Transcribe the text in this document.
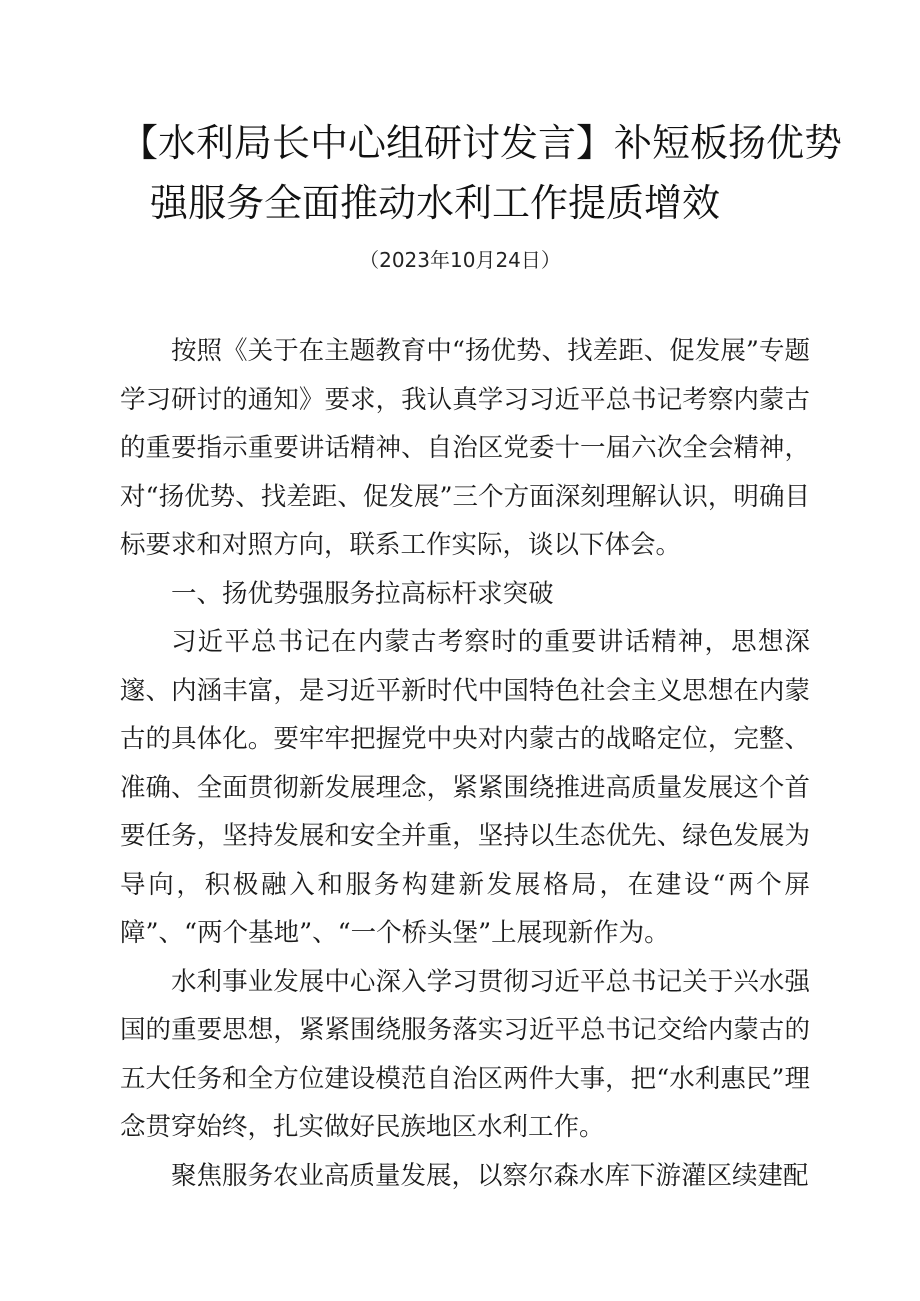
【水利局长中心组研讨发言】补短板扬优势
强服务全面推动水利工作提质增效
（2023年10月24日）

按照《关于在主题教育中“扬优势、找差距、促发展”专题学习研讨的通知》要求，我认真学习习近平总书记考察内蒙古的重要指示重要讲话精神、自治区党委十一届六次全会精神，对“扬优势、找差距、促发展”三个方面深刻理解认识，明确目标要求和对照方向，联系工作实际，谈以下体会。

一、扬优势强服务拉高标杆求突破

习近平总书记在内蒙古考察时的重要讲话精神，思想深邃、内涵丰富，是习近平新时代中国特色社会主义思想在内蒙古的具体化。要牢牢把握党中央对内蒙古的战略定位，完整、准确、全面贯彻新发展理念，紧紧围绕推进高质量发展这个首要任务，坚持发展和安全并重，坚持以生态优先、绿色发展为导向，积极融入和服务构建新发展格局，在建设“两个屏障”、“两个基地”、“一个桥头堡”上展现新作为。

水利事业发展中心深入学习贯彻习近平总书记关于兴水强国的重要思想，紧紧围绕服务落实习近平总书记交给内蒙古的五大任务和全方位建设模范自治区两件大事，把“水利惠民”理念贯穿始终，扎实做好民族地区水利工作。

聚焦服务农业高质量发展，以察尔森水库下游灌区续建配
